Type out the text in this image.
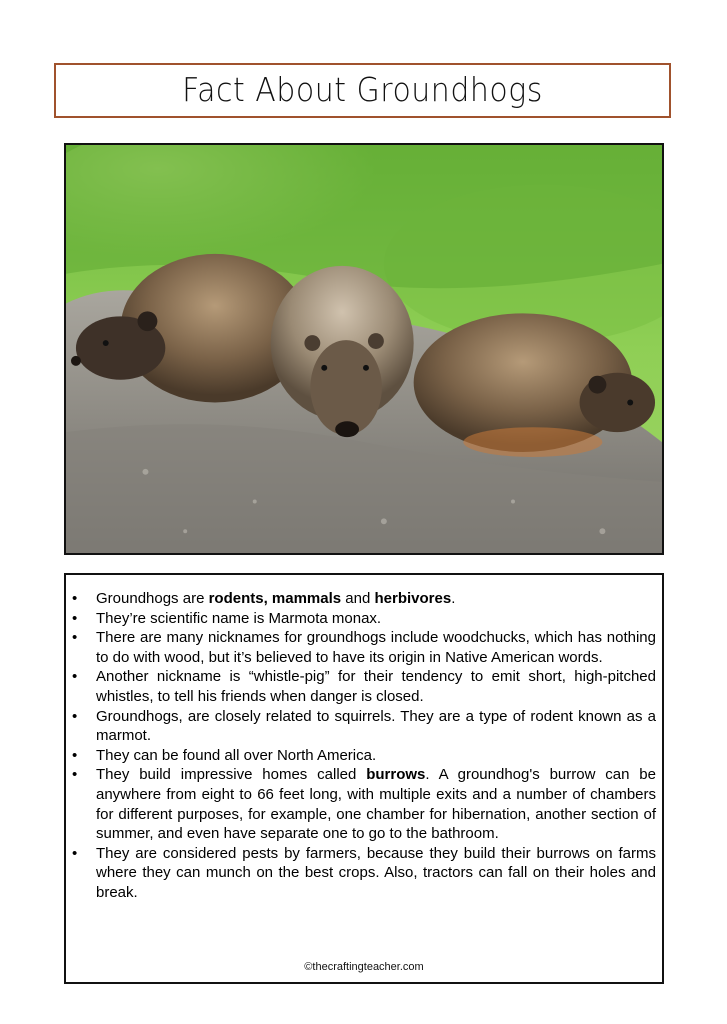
Fact About Groundhogs
• Groundhogs are rodents, mammals and herbivores.
• They’re scientific name is Marmota monax.
• There are many nicknames for groundhogs include woodchucks, which has nothing to do with wood, but it’s believed to have its origin in Native American words.
• Another nickname is “whistle-pig” for their tendency to emit short, high-pitched whistles, to tell his friends when danger is closed.
• Groundhogs, are closely related to squirrels. They are a type of rodent known as a marmot.
• They can be found all over North America.
• They build impressive homes called burrows. A groundhog's burrow can be anywhere from eight to 66 feet long, with multiple exits and a number of chambers for different purposes, for example, one chamber for hibernation, another section of summer, and even have separate one to go to the bathroom.
• They are considered pests by farmers, because they build their burrows on farms where they can munch on the best crops. Also, tractors can fall on their holes and break.
©thecraftingteacher.com
